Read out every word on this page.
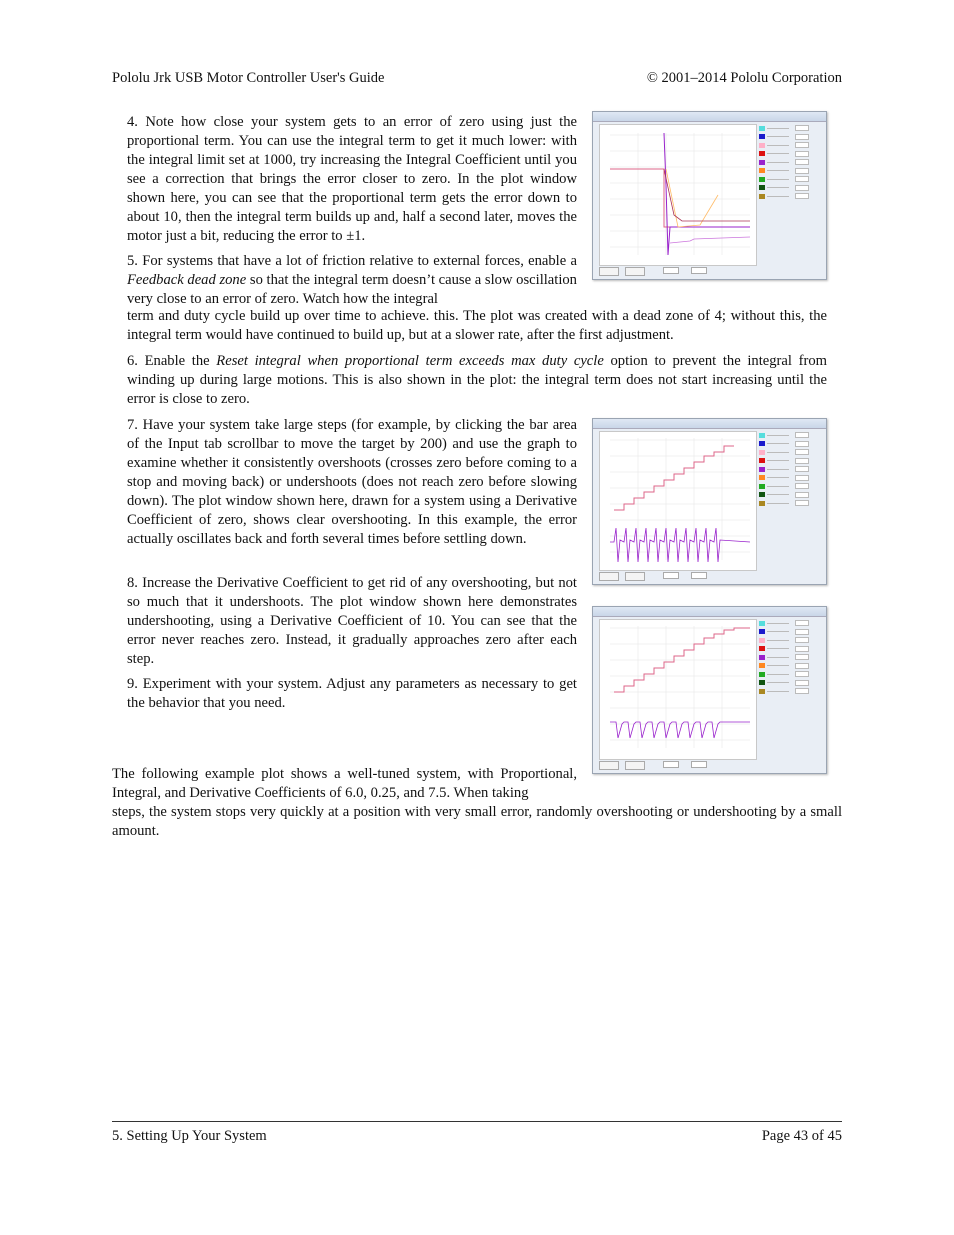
Pololu Jrk USB Motor Controller User's Guide	© 2001–2014 Pololu Corporation

4. Note how close your system gets to an error of zero using just the proportional term. You can use the integral term to get it much lower: with the integral limit set at 1000, try increasing the Integral Coefficient until you see a correction that brings the error closer to zero. In the plot window shown here, you can see that the proportional term gets the error down to about 10, then the integral term builds up and, half a second later, moves the motor just a bit, reducing the error to ±1.

5. For systems that have a lot of friction relative to external forces, enable a Feedback dead zone so that the integral term doesn’t cause a slow oscillation very close to an error of zero. Watch how the integral

term and duty cycle build up over time to achieve. this. The plot was created with a dead zone of 4; without this, the integral term would have continued to build up, but at a slower rate, after the first adjustment.

6. Enable the Reset integral when proportional term exceeds max duty cycle option to prevent the integral from winding up during large motions. This is also shown in the plot: the integral term does not start increasing until the error is close to zero.

7. Have your system take large steps (for example, by clicking the bar area of the Input tab scrollbar to move the target by 200) and use the graph to examine whether it consistently overshoots (crosses zero before coming to a stop and moving back) or undershoots (does not reach zero before slowing down). The plot window shown here, drawn for a system using a Derivative Coefficient of zero, shows clear overshooting. In this example, the error actually oscillates back and forth several times before settling down.

8. Increase the Derivative Coefficient to get rid of any overshooting, but not so much that it undershoots. The plot window shown here demonstrates undershooting, using a Derivative Coefficient of 10. You can see that the error never reaches zero. Instead, it gradually approaches zero after each step.

9. Experiment with your system. Adjust any parameters as necessary to get the behavior that you need.

The following example plot shows a well-tuned system, with Proportional, Integral, and Derivative Coefficients of 6.0, 0.25, and 7.5. When taking

steps, the system stops very quickly at a position with very small error, randomly overshooting or undershooting by a small amount.

5. Setting Up Your System	Page 43 of 45
